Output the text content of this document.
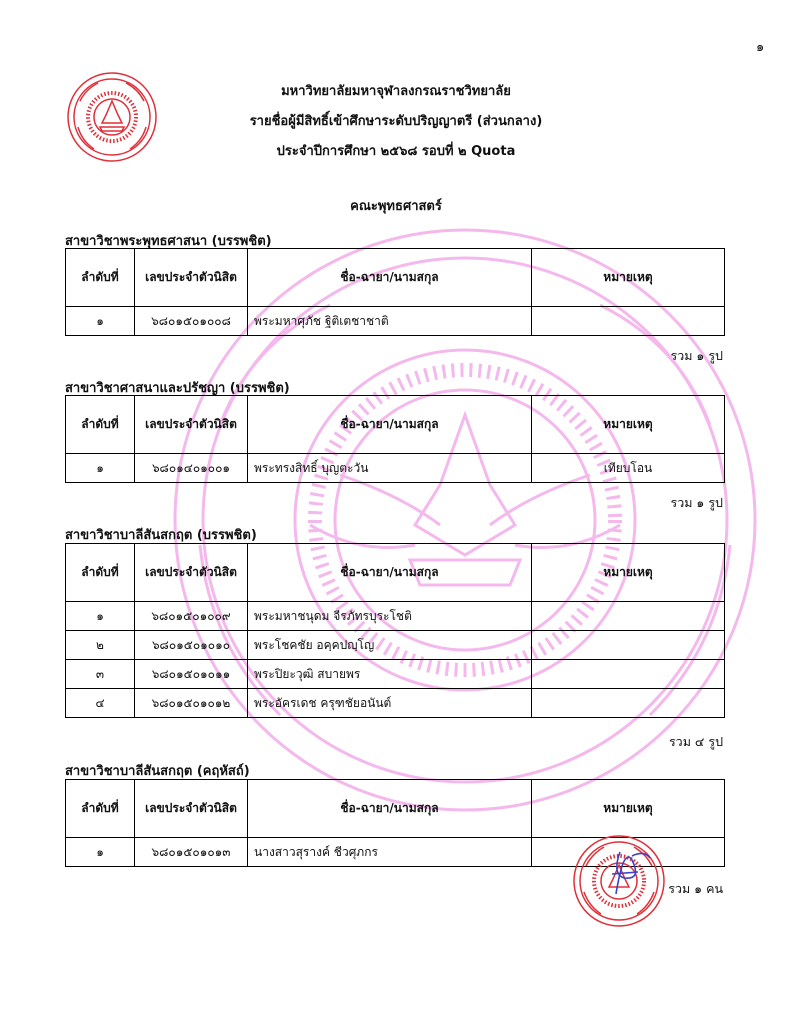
๑
มหาวิทยาลัยมหาจุฬาลงกรณราชวิทยาลัย
รายชื่อผู้มีสิทธิ์เข้าศึกษาระดับปริญญาตรี (ส่วนกลาง)
ประจำปีการศึกษา ๒๕๖๘ รอบที่ ๒ Quota
คณะพุทธศาสตร์
สาขาวิชาพระพุทธศาสนา (บรรพชิต)
ลำดับที่	เลขประจำตัวนิสิต	ชื่อ-ฉายา/นามสกุล	หมายเหตุ
๑	๖๘๐๑๕๐๑๐๐๘	พระมหาศุภัช ฐิติเตชาชาติ	
รวม ๑ รูป
สาขาวิชาศาสนาและปรัชญา (บรรพชิต)
ลำดับที่	เลขประจำตัวนิสิต	ชื่อ-ฉายา/นามสกุล	หมายเหตุ
๑	๖๘๐๑๔๐๑๐๐๑	พระทรงสิทธิ์ บุญตะวัน	เทียบโอน
รวม ๑ รูป
สาขาวิชาบาลีสันสกฤต (บรรพชิต)
ลำดับที่	เลขประจำตัวนิสิต	ชื่อ-ฉายา/นามสกุล	หมายเหตุ
๑	๖๘๐๑๕๐๑๐๐๙	พระมหาชนุดม จีรภัทรบุระโชติ	
๒	๖๘๐๑๕๐๑๐๑๐	พระโชคชัย อคฺคปญฺโญ	
๓	๖๘๐๑๕๐๑๐๑๑	พระปิยะวุฒิ สบายพร	
๔	๖๘๐๑๕๐๑๐๑๒	พระอัครเดช ครุฑชัยอนันต์	
รวม ๔ รูป
สาขาวิชาบาลีสันสกฤต (คฤหัสถ์)
ลำดับที่	เลขประจำตัวนิสิต	ชื่อ-ฉายา/นามสกุล	หมายเหตุ
๑	๖๘๐๑๕๐๑๐๑๓	นางสาวสุรางค์ ชีวศุภกร	
รวม ๑ คน
